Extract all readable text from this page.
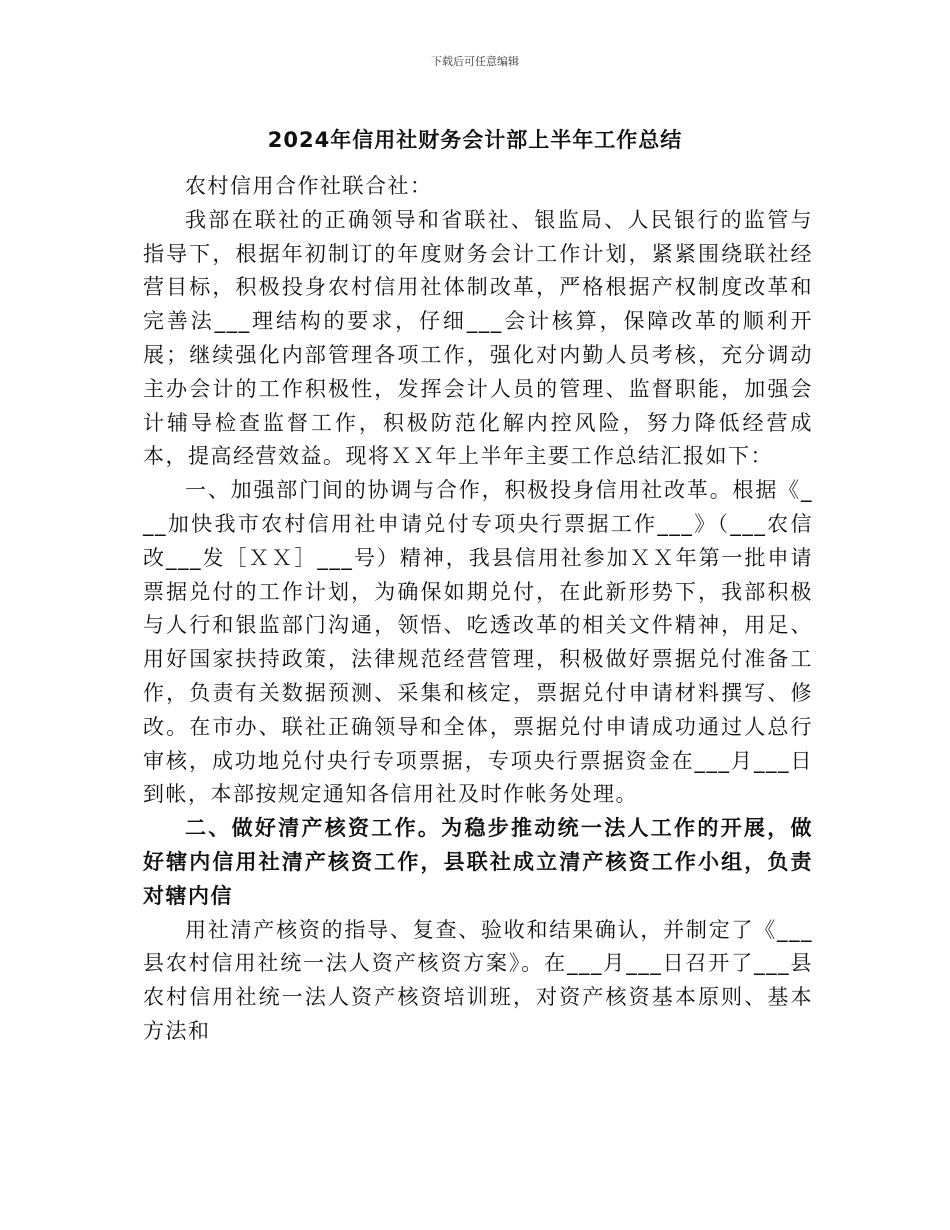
下载后可任意编辑
2024年信用社财务会计部上半年工作总结

农村信用合作社联合社：

我部在联社的正确领导和省联社、银监局、人民银行的监管与指导下，根据年初制订的年度财务会计工作计划，紧紧围绕联社经营目标，积极投身农村信用社体制改革，严格根据产权制度改革和完善法___理结构的要求，仔细___会计核算，保障改革的顺利开展；继续强化内部管理各项工作，强化对内勤人员考核，充分调动主办会计的工作积极性，发挥会计人员的管理、监督职能，加强会计辅导检查监督工作，积极防范化解内控风险，努力降低经营成本，提高经营效益。现将ＸＸ年上半年主要工作总结汇报如下：

一、加强部门间的协调与合作，积极投身信用社改革。根据《___加快我市农村信用社申请兑付专项央行票据工作___》（___农信改___发［ＸＸ］___号）精神，我县信用社参加ＸＸ年第一批申请票据兑付的工作计划，为确保如期兑付，在此新形势下，我部积极与人行和银监部门沟通，领悟、吃透改革的相关文件精神，用足、用好国家扶持政策，法律规范经营管理，积极做好票据兑付准备工作，负责有关数据预测、采集和核定，票据兑付申请材料撰写、修改。在市办、联社正确领导和全体，票据兑付申请成功通过人总行审核，成功地兑付央行专项票据，专项央行票据资金在___月___日到帐，本部按规定通知各信用社及时作帐务处理。

二、做好清产核资工作。为稳步推动统一法人工作的开展，做好辖内信用社清产核资工作，县联社成立清产核资工作小组，负责对辖内信

用社清产核资的指导、复查、验收和结果确认，并制定了《___县农村信用社统一法人资产核资方案》。在___月___日召开了___县农村信用社统一法人资产核资培训班，对资产核资基本原则、基本方法和
